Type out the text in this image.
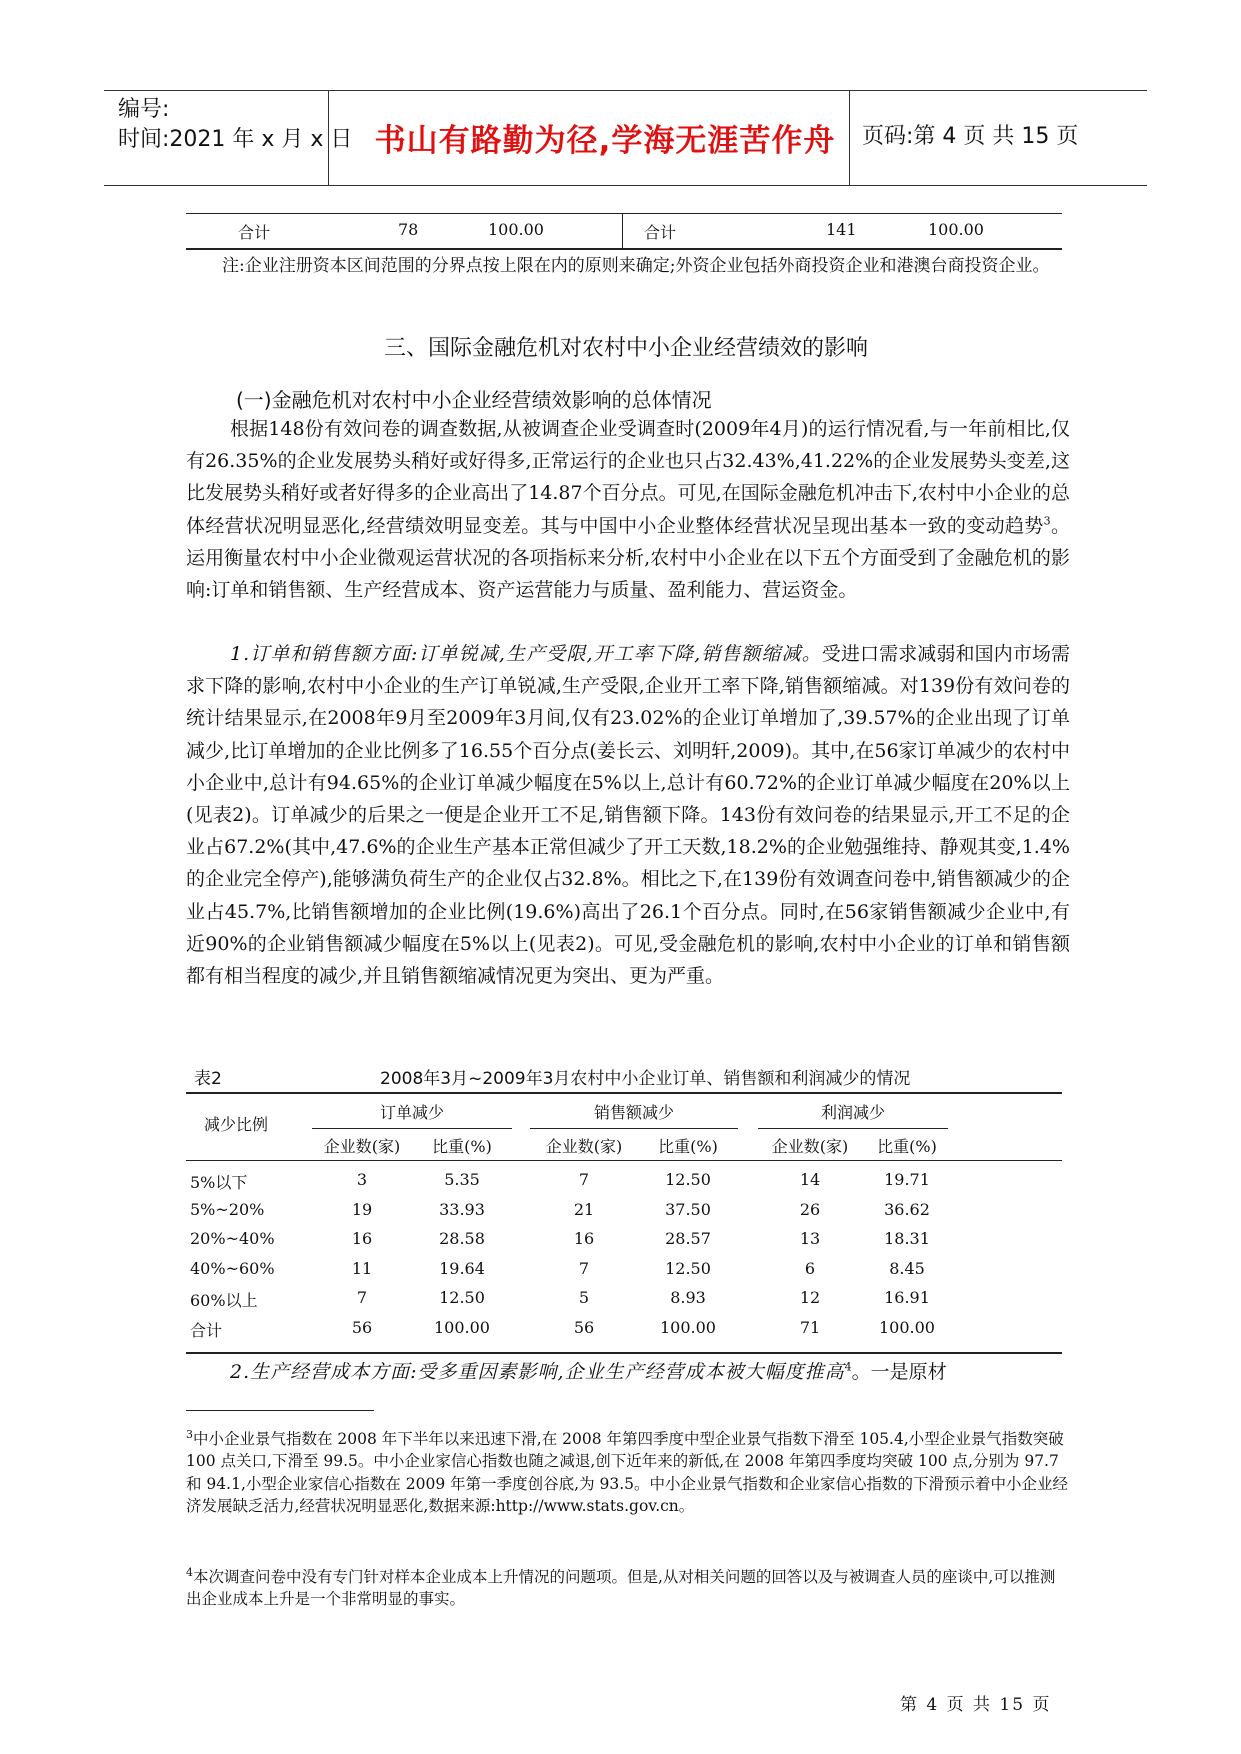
编号:
时间:2021 年 x 月 x 日 书山有路勤为径,学海无涯苦作舟	页码:第 4 页 共 15 页
合计	78	100.00	合计	141	100.00
注:企业注册资本区间范围的分界点按上限在内的原则来确定;外资企业包括外商投资企业和港澳台商投资企业。
三、国际金融危机对农村中小企业经营绩效的影响
(一)金融危机对农村中小企业经营绩效影响的总体情况

根据148份有效问卷的调查数据,从被调查企业受调查时(2009年4月)的运行情况看,与一年前相比,仅有26.35%的企业发展势头稍好或好得多,正常运行的企业也只占32.43%,41.22%的企业发展势头变差,这比发展势头稍好或者好得多的企业高出了14.87个百分点。可见,在国际金融危机冲击下,农村中小企业的总体经营状况明显恶化,经营绩效明显变差。其与中国中小企业整体经营状况呈现出基本一致的变动趋势$^3$。运用衡量农村中小企业微观运营状况的各项指标来分析,农村中小企业在以下五个方面受到了金融危机的影响:订单和销售额、生产经营成本、资产运营能力与质量、盈利能力、营运资金。

1.订单和销售额方面:订单锐减,生产受限,开工率下降,销售额缩减。受进口需求减弱和国内市场需求下降的影响,农村中小企业的生产订单锐减,生产受限,企业开工率下降,销售额缩减。对139份有效问卷的统计结果显示,在2008年9月至2009年3月间,仅有23.02%的企业订单增加了,39.57%的企业出现了订单减少,比订单增加的企业比例多了16.55个百分点(姜长云、刘明轩,2009)。其中,在56家订单减少的农村中小企业中,总计有94.65%的企业订单减少幅度在5%以上,总计有60.72%的企业订单减少幅度在20%以上(见表2)。订单减少的后果之一便是企业开工不足,销售额下降。143份有效问卷的结果显示,开工不足的企业占67.2%(其中,47.6%的企业生产基本正常但减少了开工天数,18.2%的企业勉强维持、静观其变,1.4%的企业完全停产),能够满负荷生产的企业仅占32.8%。相比之下,在139份有效调查问卷中,销售额减少的企业占45.7%,比销售额增加的企业比例(19.6%)高出了26.1个百分点。同时,在56家销售额减少企业中,有近90%的企业销售额减少幅度在5%以上(见表2)。可见,受金融危机的影响,农村中小企业的订单和销售额都有相当程度的减少,并且销售额缩减情况更为突出、更为严重。

表2	2008年3月~2009年3月农村中小企业订单、销售额和利润减少的情况
减少比例
订单减少	销售额减少	利润减少
企业数(家)	比重(%)	企业数(家)	比重(%)	企业数(家)	比重(%)
5%以下	3	5.35	7	12.50	14	19.71
5%~20%	19	33.93	21	37.50	26	36.62
20%~40%	16	28.58	16	28.57	13	18.31
40%~60%	11	19.64	7	12.50	6	8.45
60%以上	7	12.50	5	8.93	12	16.91
合计	56	100.00	56	100.00	71	100.00

2.生产经营成本方面:受多重因素影响,企业生产经营成本被大幅度推高$^4$。一是原材

$^3$中小企业景气指数在 2008 年下半年以来迅速下滑,在 2008 年第四季度中型企业景气指数下滑至 105.4,小型企业景气指数突破 100 点关口,下滑至 99.5。中小企业家信心指数也随之减退,创下近年来的新低,在 2008 年第四季度均突破 100 点,分别为 97.7 和 94.1,小型企业家信心指数在 2009 年第一季度创谷底,为 93.5。中小企业景气指数和企业家信心指数的下滑预示着中小企业经济发展缺乏活力,经营状况明显恶化,数据来源:http://www.stats.gov.cn。
$^4$本次调查问卷中没有专门针对样本企业成本上升情况的问题项。但是,从对相关问题的回答以及与被调查人员的座谈中,可以推测出企业成本上升是一个非常明显的事实。
第 4 页 共 15 页
